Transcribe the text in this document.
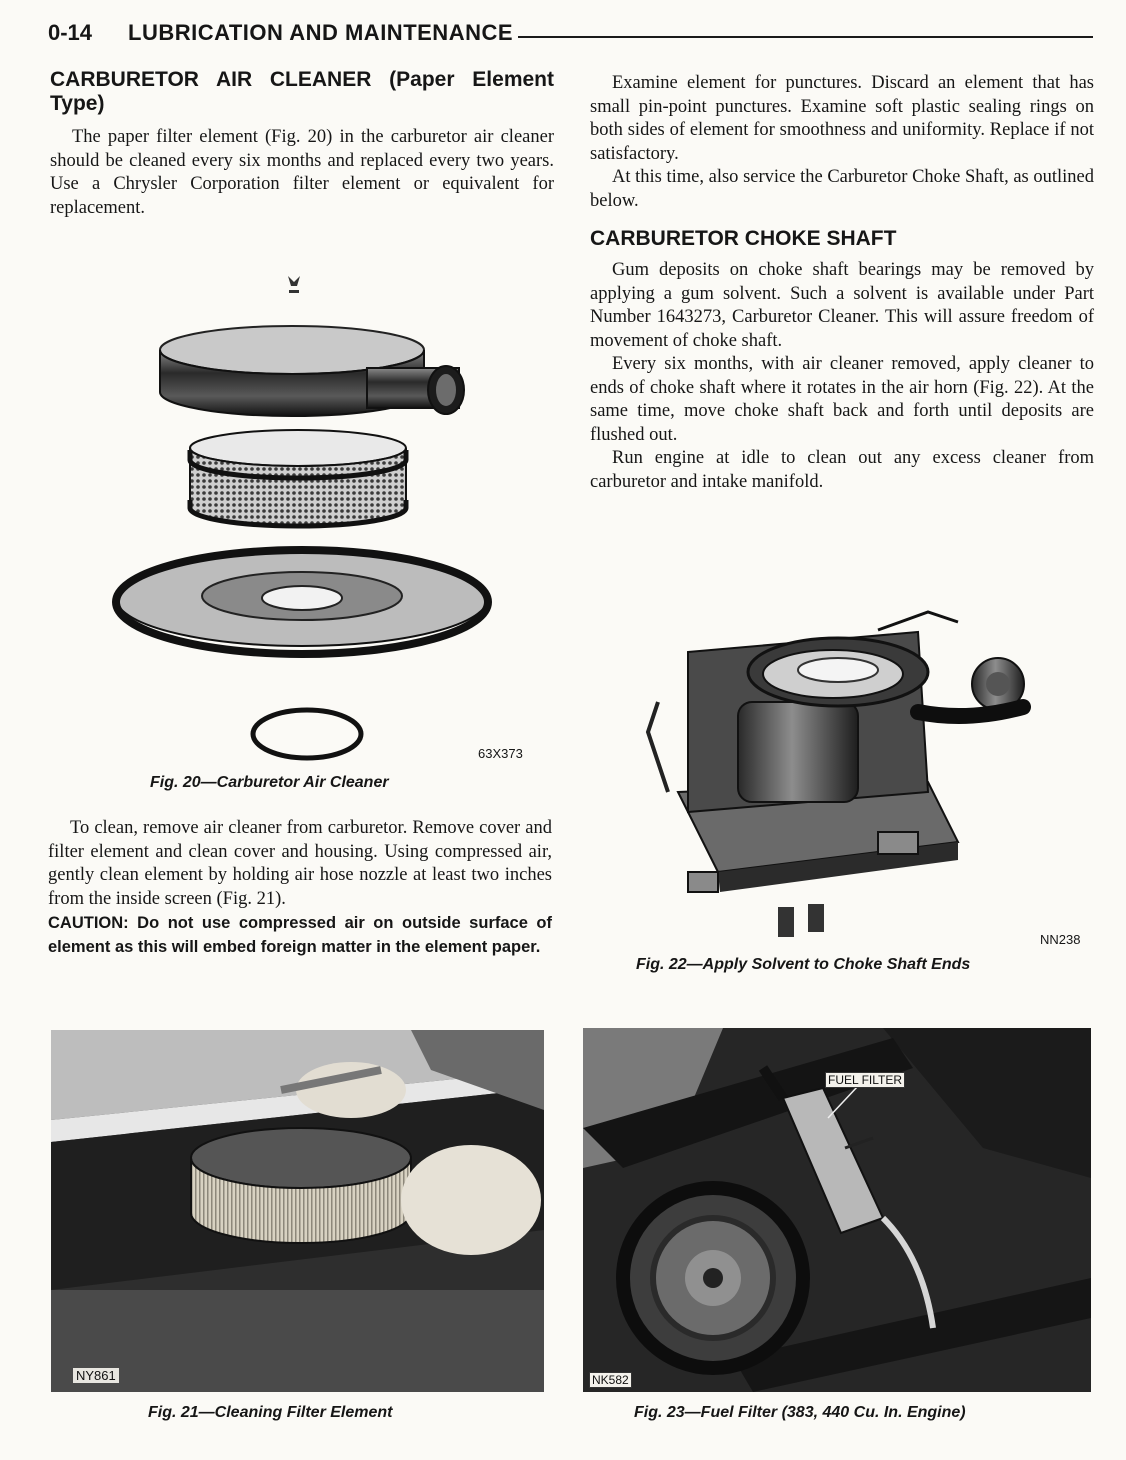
0-14 LUBRICATION AND MAINTENANCE
CARBURETOR AIR CLEANER (Paper Element Type)

The paper filter element (Fig. 20) in the carburetor air cleaner should be cleaned every six months and replaced every two years. Use a Chrysler Corporation filter element or equivalent for replacement.

63X373
Fig. 20—Carburetor Air Cleaner

To clean, remove air cleaner from carburetor. Remove cover and filter element and clean cover and housing. Using compressed air, gently clean element by holding air hose nozzle at least two inches from the inside screen (Fig. 21).

CAUTION: Do not use compressed air on outside surface of element as this will embed foreign matter in the element paper.

Examine element for punctures. Discard an element that has small pin-point punctures. Examine soft plastic sealing rings on both sides of element for smoothness and uniformity. Replace if not satisfactory.

At this time, also service the Carburetor Choke Shaft, as outlined below.

CARBURETOR CHOKE SHAFT

Gum deposits on choke shaft bearings may be removed by applying a gum solvent. Such a solvent is available under Part Number 1643273, Carburetor Cleaner. This will assure freedom of movement of choke shaft.

Every six months, with air cleaner removed, apply cleaner to ends of choke shaft where it rotates in the air horn (Fig. 22). At the same time, move choke shaft back and forth until deposits are flushed out.

Run engine at idle to clean out any excess cleaner from carburetor and intake manifold.

NN238
Fig. 22—Apply Solvent to Choke Shaft Ends
NY861
Fig. 21—Cleaning Filter Element
FUEL FILTER
NK582
Fig. 23—Fuel Filter (383, 440 Cu. In. Engine)
